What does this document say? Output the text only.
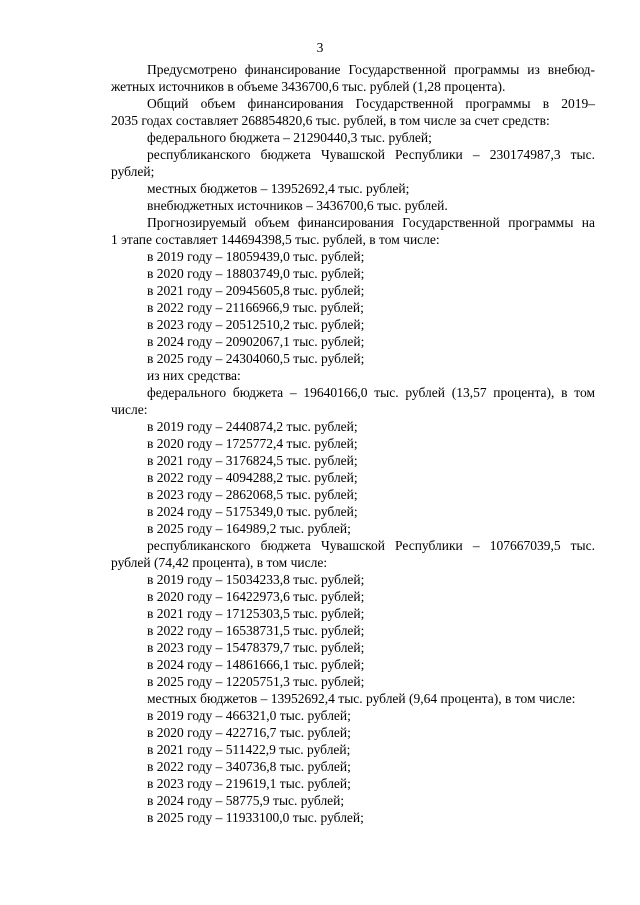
3

Предусмотрено финансирование Государственной программы из внебюд-

жетных источников в объеме 3436700,6 тыс. рублей (1,28 процента).

Общий объем финансирования Государственной программы в 2019–

2035 годах составляет 268854820,6 тыс. рублей, в том числе за счет средств:

федерального бюджета – 21290440,3 тыс. рублей;

республиканского бюджета Чувашской Республики – 230174987,3 тыс.

рублей;

местных бюджетов – 13952692,4 тыс. рублей;

внебюджетных источников – 3436700,6 тыс. рублей.

Прогнозируемый объем финансирования Государственной программы на

1 этапе составляет 144694398,5 тыс. рублей, в том числе:

в 2019 году – 18059439,0 тыс. рублей;

в 2020 году – 18803749,0 тыс. рублей;

в 2021 году – 20945605,8 тыс. рублей;

в 2022 году – 21166966,9 тыс. рублей;

в 2023 году – 20512510,2 тыс. рублей;

в 2024 году – 20902067,1 тыс. рублей;

в 2025 году – 24304060,5 тыс. рублей;

из них средства:

федерального бюджета – 19640166,0 тыс. рублей (13,57 процента), в том

числе:

в 2019 году – 2440874,2 тыс. рублей;

в 2020 году – 1725772,4 тыс. рублей;

в 2021 году – 3176824,5 тыс. рублей;

в 2022 году – 4094288,2 тыс. рублей;

в 2023 году – 2862068,5 тыс. рублей;

в 2024 году – 5175349,0 тыс. рублей;

в 2025 году – 164989,2 тыс. рублей;

республиканского бюджета Чувашской Республики – 107667039,5 тыс.

рублей (74,42 процента), в том числе:

в 2019 году – 15034233,8 тыс. рублей;

в 2020 году – 16422973,6 тыс. рублей;

в 2021 году – 17125303,5 тыс. рублей;

в 2022 году – 16538731,5 тыс. рублей;

в 2023 году – 15478379,7 тыс. рублей;

в 2024 году – 14861666,1 тыс. рублей;

в 2025 году – 12205751,3 тыс. рублей;

местных бюджетов – 13952692,4 тыс. рублей (9,64 процента), в том числе:

в 2019 году – 466321,0 тыс. рублей;

в 2020 году – 422716,7 тыс. рублей;

в 2021 году – 511422,9 тыс. рублей;

в 2022 году – 340736,8 тыс. рублей;

в 2023 году – 219619,1 тыс. рублей;

в 2024 году – 58775,9 тыс. рублей;

в 2025 году – 11933100,0 тыс. рублей;
